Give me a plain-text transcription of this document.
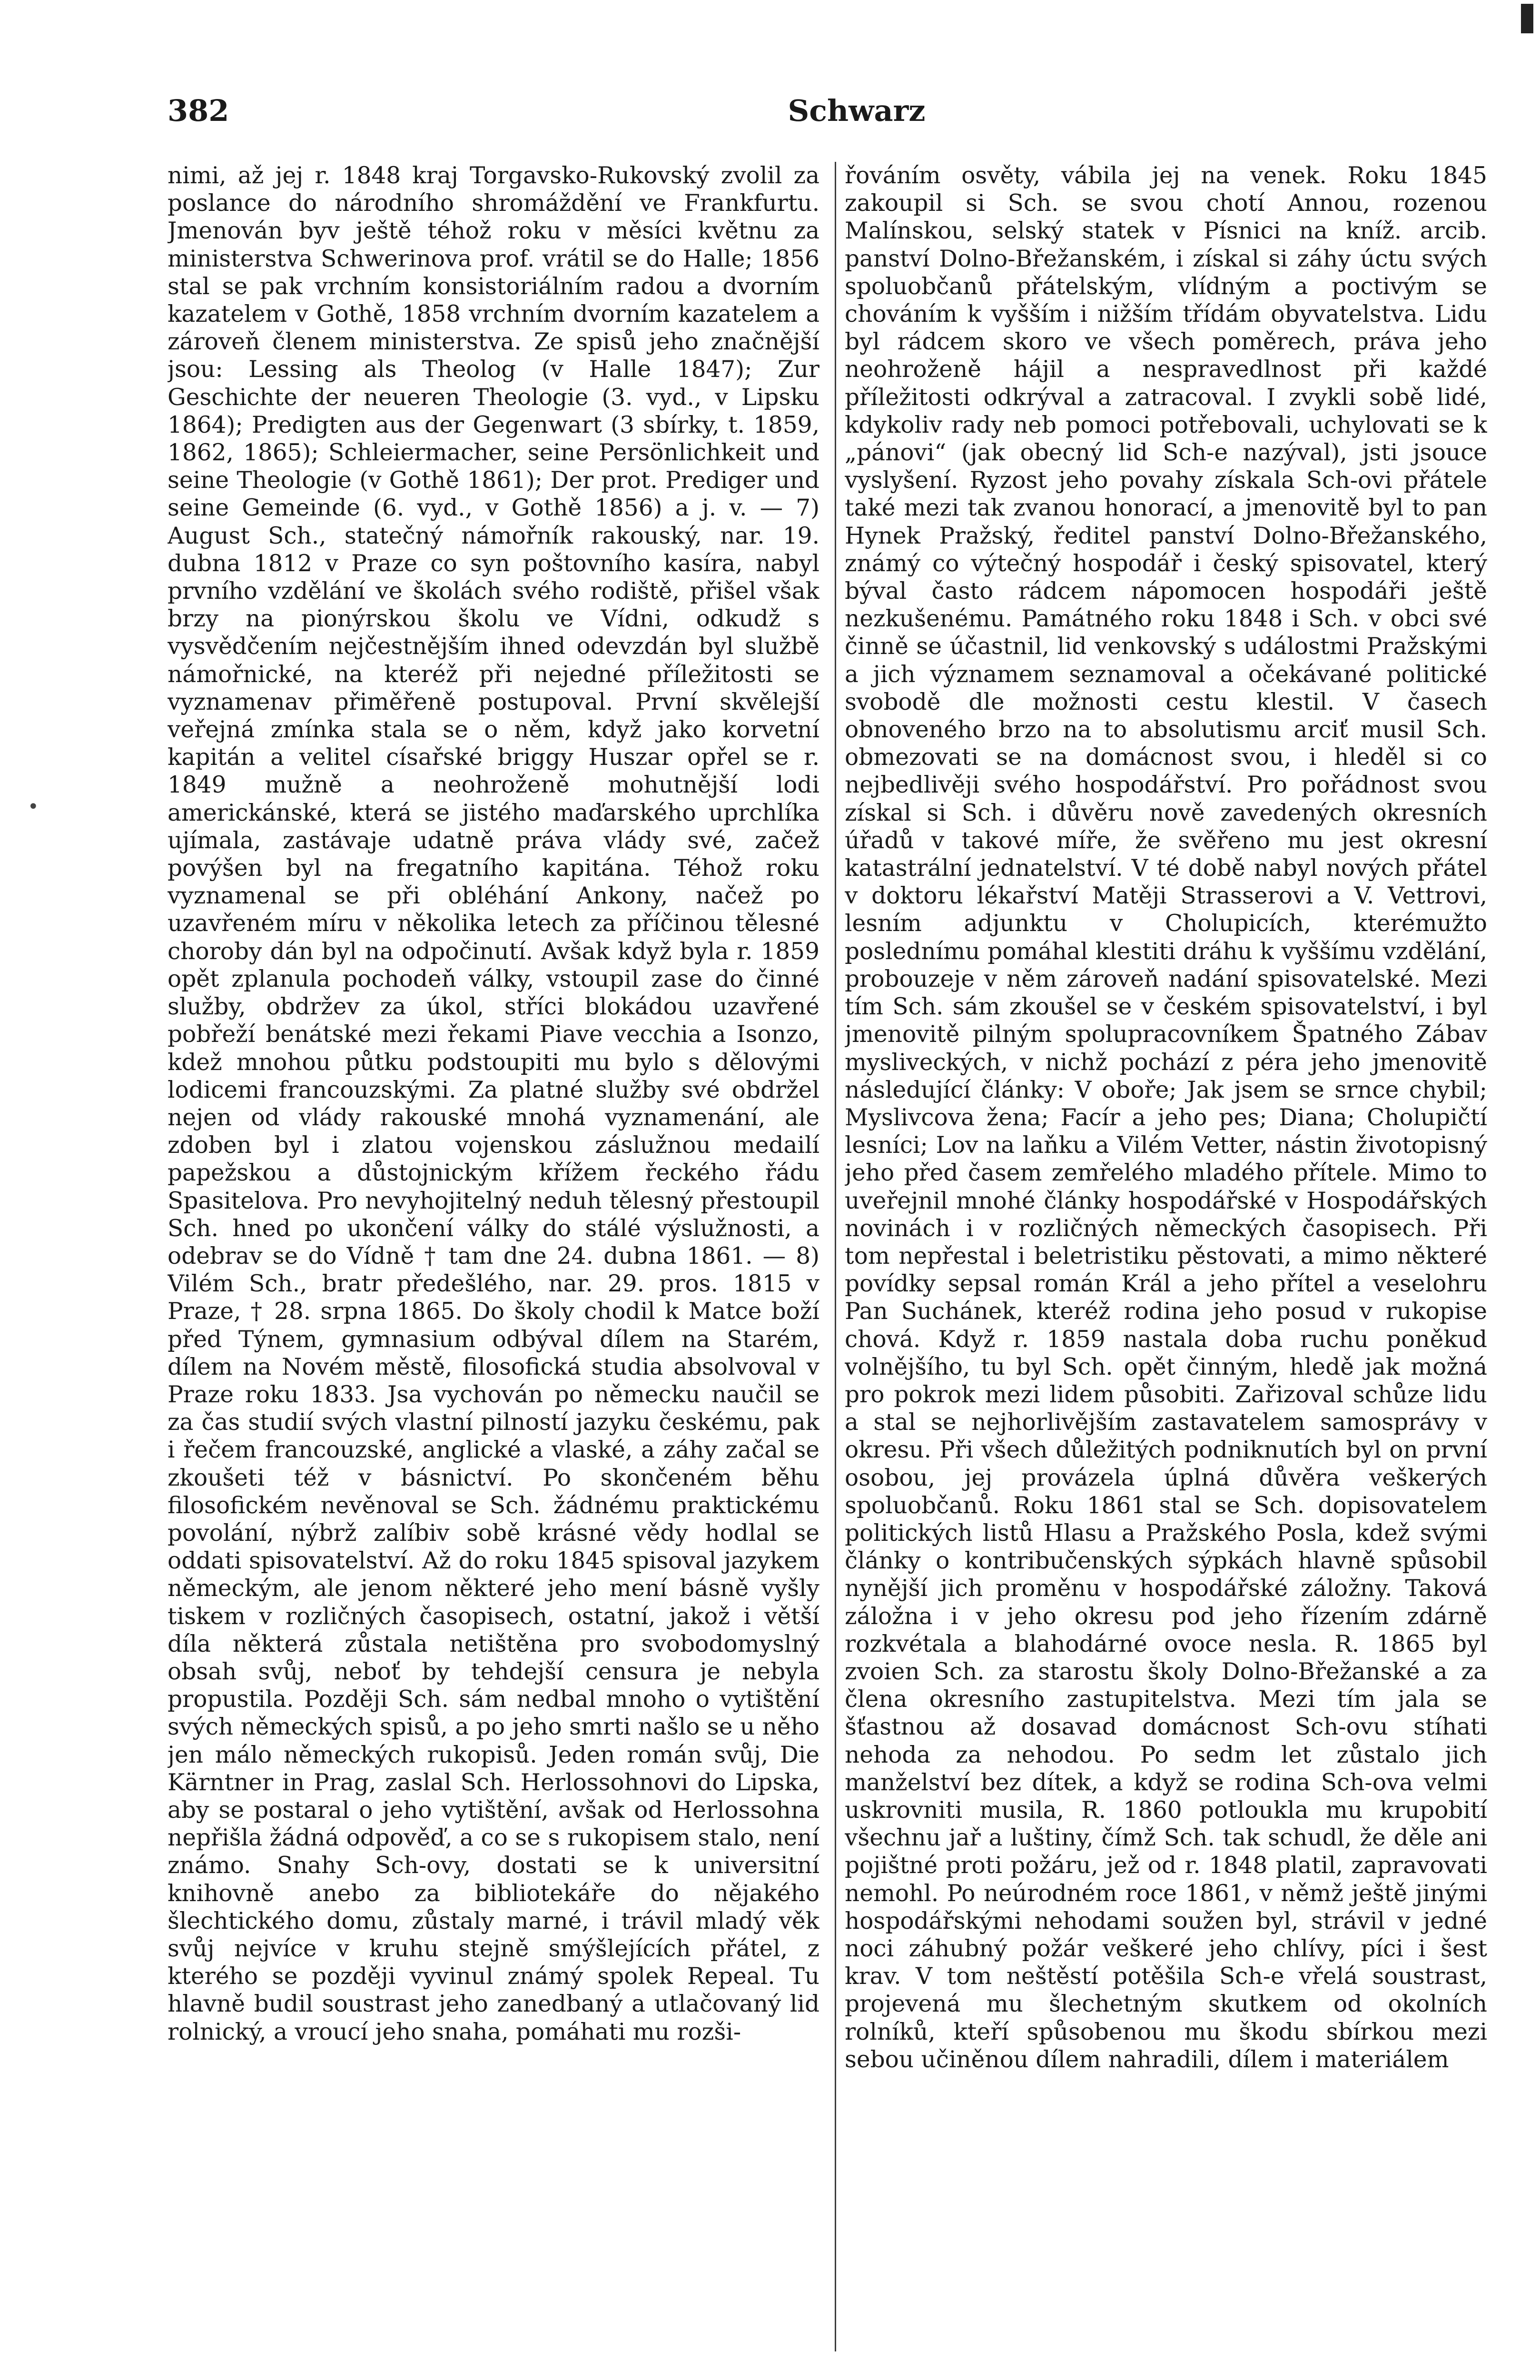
•
382	Schwarz
nimi, až jej r. 1848 kraj Torgavsko-Rukovský zvolil za poslance do národního shromáždění ve Frankfurtu. Jmenován byv ještě téhož roku v měsíci květnu za ministerstva Schwerinova prof. vrátil se do Halle; 1856 stal se pak vrchním konsistoriálním radou a dvorním kazatelem v Gothě, 1858 vrchním dvorním kazatelem a zároveň členem ministerstva. Ze spisů jeho značnější jsou: Lessing als Theolog (v Halle 1847); Zur Geschichte der neueren Theologie (3. vyd., v Lipsku 1864); Predigten aus der Gegenwart (3 sbírky, t. 1859, 1862, 1865); Schleiermacher, seine Persönlichkeit und seine Theologie (v Gothě 1861); Der prot. Prediger und seine Gemeinde (6. vyd., v Gothě 1856) a j. v. — 7) August Sch., statečný námořník rakouský, nar. 19. dubna 1812 v Praze co syn poštovního kasíra, nabyl prvního vzdělání ve školách svého rodiště, přišel však brzy na pionýrskou školu ve Vídni, odkudž s vysvědčením nejčestnějším ihned odevzdán byl službě námořnické, na kteréž při nejedné příležitosti se vyznamenav přiměřeně postupoval. První skvělejší veřejná zmínka stala se o něm, když jako korvetní kapitán a velitel císařské briggy Huszar opřel se r. 1849 mužně a neohroženě mohutnější lodi americkánské, která se jistého maďarského uprchlíka ujímala, zastávaje udatně práva vlády své, začež povýšen byl na fregatního kapitána. Téhož roku vyznamenal se při obléhání Ankony, načež po uzavřeném míru v několika letech za příčinou tělesné choroby dán byl na odpočinutí. Avšak když byla r. 1859 opět zplanula pochodeň války, vstoupil zase do činné služby, obdržev za úkol, stříci blokádou uzavřené pobřeží benátské mezi řekami Piave vecchia a Isonzo, kdež mnohou půtku podstoupiti mu bylo s dělovými lodicemi francouzskými. Za platné služby své obdržel nejen od vlády rakouské mnohá vyznamenání, ale zdoben byl i zlatou vojenskou záslužnou medailí papežskou a důstojnickým křížem řeckého řádu Spasitelova. Pro nevyhojitelný neduh tělesný přestoupil Sch. hned po ukončení války do stálé výslužnosti, a odebrav se do Vídně † tam dne 24. dubna 1861. — 8) Vilém Sch., bratr předešlého, nar. 29. pros. 1815 v Praze, † 28. srpna 1865. Do školy chodil k Matce boží před Týnem, gymnasium odbýval dílem na Starém, dílem na Novém městě, filosofická studia absolvoval v Praze roku 1833. Jsa vychován po německu naučil se za čas studií svých vlastní pilností jazyku českému, pak i řečem francouzské, anglické a vlaské, a záhy začal se zkoušeti též v básnictví. Po skončeném běhu filosofickém nevěnoval se Sch. žádnému praktickému povolání, nýbrž zalíbiv sobě krásné vědy hodlal se oddati spisovatelství. Až do roku 1845 spisoval jazykem německým, ale jenom některé jeho mení básně vyšly tiskem v rozličných časopisech, ostatní, jakož i větší díla některá zůstala netištěna pro svobodomyslný obsah svůj, neboť by tehdejší censura je nebyla propustila. Později Sch. sám nedbal mnoho o vytištění svých německých spisů, a po jeho smrti našlo se u něho jen málo německých rukopisů. Jeden román svůj, Die Kärntner in Prag, zaslal Sch. Herlossohnovi do Lipska, aby se postaral o jeho vytištění, avšak od Herlossohna nepřišla žádná odpověď, a co se s rukopisem stalo, není známo. Snahy Sch-ovy, dostati se k universitní knihovně anebo za bibliotekáře do nějakého šlechtického domu, zůstaly marné, i trávil mladý věk svůj nejvíce v kruhu stejně smýšlejících přátel, z kterého se později vyvinul známý spolek Repeal. Tu hlavně budil soustrast jeho zanedbaný a utlačovaný lid rolnický, a vroucí jeho snaha, pomáhati mu rozši-
řováním osvěty, vábila jej na venek. Roku 1845 zakoupil si Sch. se svou chotí Annou, rozenou Malínskou, selský statek v Písnici na kníž. arcib. panství Dolno-Břežanském, i získal si záhy úctu svých spoluobčanů přátelským, vlídným a poctivým se chováním k vyšším i nižším třídám obyvatelstva. Lidu byl rádcem skoro ve všech poměrech, práva jeho neohroženě hájil a nespravedlnost při každé příležitosti odkrýval a zatracoval. I zvykli sobě lidé, kdykoliv rady neb pomoci potřebovali, uchylovati se k „pánovi“ (jak obecný lid Sch-e nazýval), jsti jsouce vyslyšení. Ryzost jeho povahy získala Sch-ovi přátele také mezi tak zvanou honorací, a jmenovitě byl to pan Hynek Pražský, ředitel panství Dolno-Břežanského, známý co výtečný hospodář i český spisovatel, který býval často rádcem nápomocen hospodáři ještě nezkušenému. Památného roku 1848 i Sch. v obci své činně se účastnil, lid venkovský s událostmi Pražskými a jich významem seznamoval a očekávané politické svobodě dle možnosti cestu klestil. V časech obnoveného brzo na to absolutismu arciť musil Sch. obmezovati se na domácnost svou, i hleděl si co nejbedlivěji svého hospodářství. Pro pořádnost svou získal si Sch. i důvěru nově zavedených okresních úřadů v takové míře, že svěřeno mu jest okresní katastrální jednatelství. V té době nabyl nových přátel v doktoru lékařství Matěji Strasserovi a V. Vettrovi, lesním adjunktu v Cholupicích, kterémužto poslednímu pomáhal klestiti dráhu k vyššímu vzdělání, probouzeje v něm zároveň nadání spisovatelské. Mezi tím Sch. sám zkoušel se v českém spisovatelství, i byl jmenovitě pilným spolupracovníkem Špatného Zábav mysliveckých, v nichž pochází z péra jeho jmenovitě následující články: V oboře; Jak jsem se srnce chybil; Myslivcova žena; Facír a jeho pes; Diana; Cholupičtí lesníci; Lov na laňku a Vilém Vetter, nástin životopisný jeho před časem zemřelého mladého přítele. Mimo to uveřejnil mnohé články hospodářské v Hospodářských novinách i v rozličných německých časopisech. Při tom nepřestal i beletristiku pěstovati, a mimo některé povídky sepsal román Král a jeho přítel a veselohru Pan Suchánek, kteréž rodina jeho posud v rukopise chová. Když r. 1859 nastala doba ruchu poněkud volnějšího, tu byl Sch. opět činným, hledě jak možná pro pokrok mezi lidem působiti. Zařizoval schůze lidu a stal se nejhorlivějším zastavatelem samosprávy v okresu. Při všech důležitých podniknutích byl on první osobou, jej provázela úplná důvěra veškerých spoluobčanů. Roku 1861 stal se Sch. dopisovatelem politických listů Hlasu a Pražského Posla, kdež svými články o kontribučenských sýpkách hlavně spůsobil nynější jich proměnu v hospodářské záložny. Taková záložna i v jeho okresu pod jeho řízením zdárně rozkvétala a blahodárné ovoce nesla. R. 1865 byl zvoien Sch. za starostu školy Dolno-Břežanské a za člena okresního zastupitelstva. Mezi tím jala se šťastnou až dosavad domácnost Sch-ovu stíhati nehoda za nehodou. Po sedm let zůstalo jich manželství bez dítek, a když se rodina Sch-ova velmi uskrovniti musila, R. 1860 potloukla mu krupobití všechnu jař a luštiny, čímž Sch. tak schudl, že děle ani pojištné proti požáru, jež od r. 1848 platil, zapravovati nemohl. Po neúrodném roce 1861, v němž ještě jinými hospodářskými nehodami soužen byl, strávil v jedné noci záhubný požár veškeré jeho chlívy, píci i šest krav. V tom neštěstí potěšila Sch-e vřelá soustrast, projevená mu šlechetným skutkem od okolních rolníků, kteří spůsobenou mu škodu sbírkou mezi sebou učiněnou dílem nahradili, dílem i materiálem
